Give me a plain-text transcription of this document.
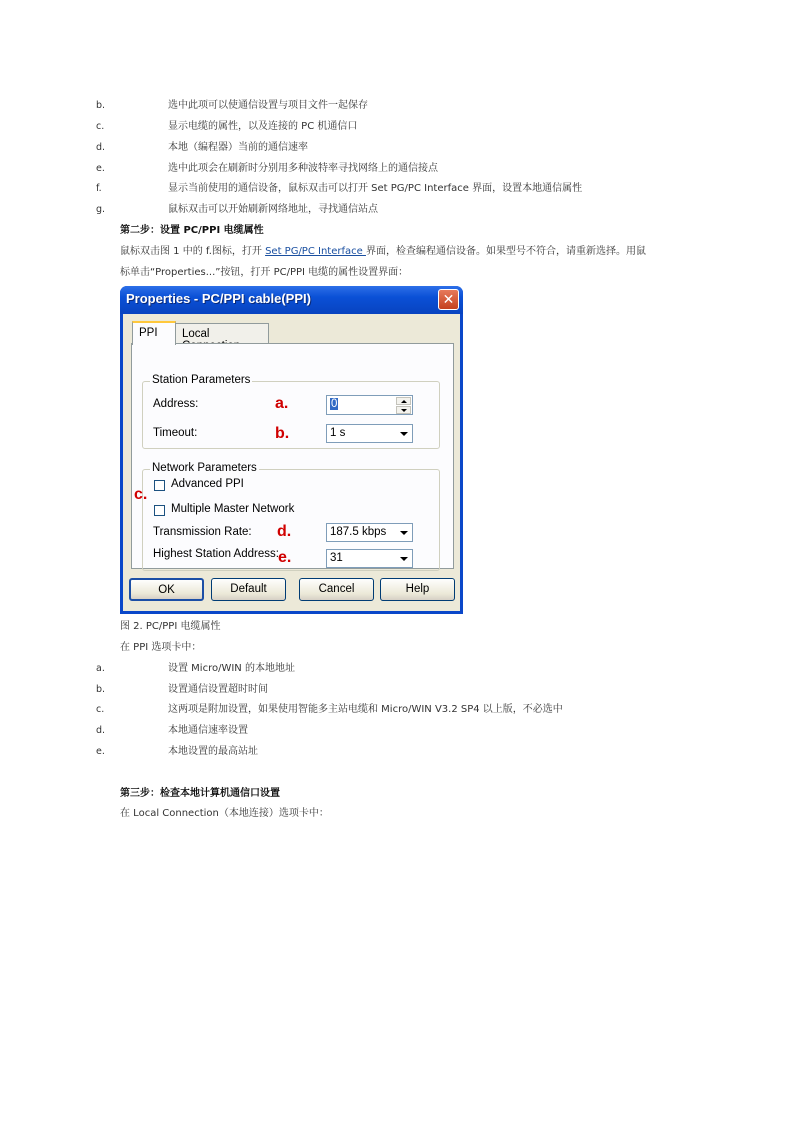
b.	选中此项可以使通信设置与项目文件一起保存
c.	显示电缆的属性，以及连接的 PC 机通信口
d.	本地（编程器）当前的通信速率
e.	选中此项会在刷新时分别用多种波特率寻找网络上的通信接点
f.	显示当前使用的通信设备，鼠标双击可以打开 Set PG/PC Interface 界面，设置本地通信属性
g.	鼠标双击可以开始刷新网络地址，寻找通信站点
第二步：设置 PC/PPI 电缆属性
鼠标双击图 1 中的 f.图标，打开 Set PG/PC Interface 界面，检查编程通信设备。如果型号不符合，请重新选择。用鼠
标单击“Properties...”按钮，打开 PC/PPI 电缆的属性设置界面：
Properties - PC/PPI cable(PPI)	✕
Local
PPI
Station Parameters
Address:	a.	0
Timeout:	b.	1 s
Network Parameters
Advanced PPI
Multiple Master Network
Transmission Rate: d.	187.5 kbps
Highest Station Address: e.	31
c.
OK	Default	Cancel	Help
图 2. PC/PPI 电缆属性
在 PPI 选项卡中：
a.	设置 Micro/WIN 的本地地址
b.	设置通信设置超时时间
c.	这两项是附加设置，如果使用智能多主站电缆和 Micro/WIN V3.2 SP4 以上版，不必选中
d.	本地通信速率设置
e.	本地设置的最高站址
第三步：检查本地计算机通信口设置
在 Local Connection（本地连接）选项卡中：
